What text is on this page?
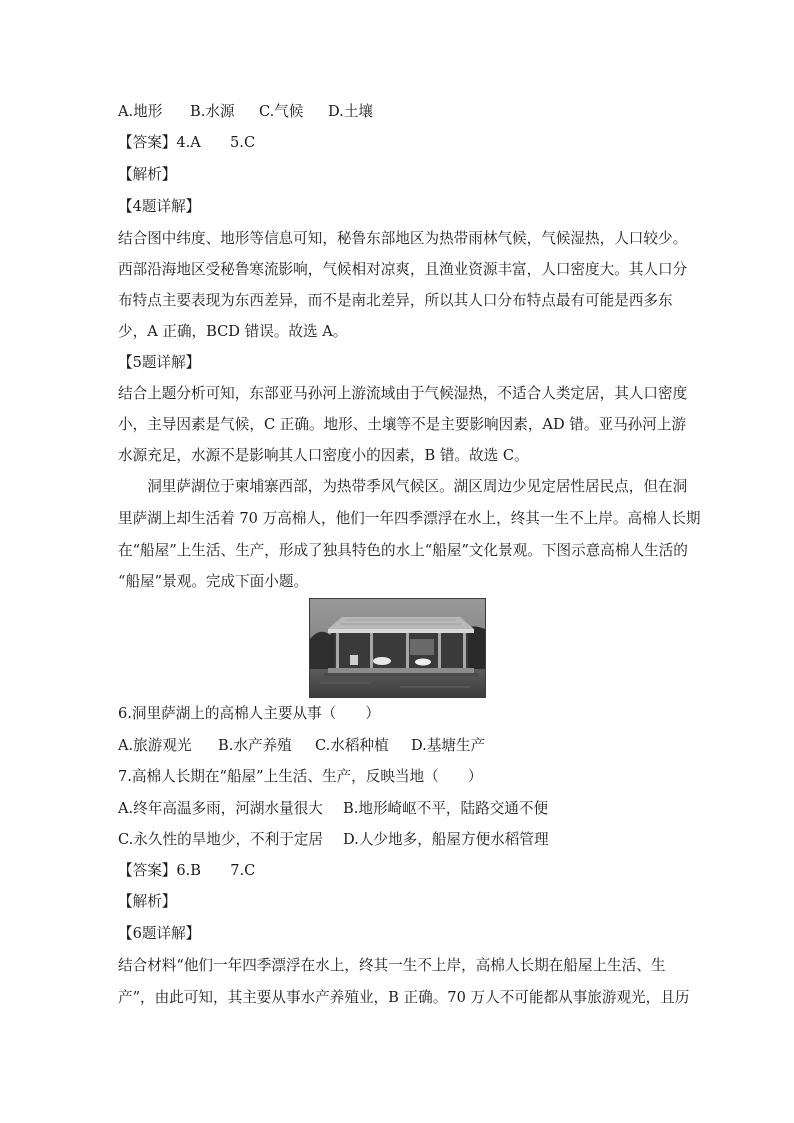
A.地形 B.水源 C.气候 D.土壤
【答案】4.A　　5.C
【解析】
【4题详解】
结合图中纬度、地形等信息可知，秘鲁东部地区为热带雨林气候，气候湿热，人口较少。
西部沿海地区受秘鲁寒流影响，气候相对凉爽，且渔业资源丰富，人口密度大。其人口分
布特点主要表现为东西差异，而不是南北差异，所以其人口分布特点最有可能是西多东
少，A 正确，BCD 错误。故选 A。
【5题详解】
结合上题分析可知，东部亚马孙河上游流域由于气候湿热，不适合人类定居，其人口密度
小，主导因素是气候，C 正确。地形、土壤等不是主要影响因素，AD 错。亚马孙河上游
水源充足，水源不是影响其人口密度小的因素，B 错。故选 C。
　　洞里萨湖位于柬埔寨西部，为热带季风气候区。湖区周边少见定居性居民点，但在洞
里萨湖上却生活着 70 万高棉人，他们一年四季漂浮在水上，终其一生不上岸。高棉人长期
在“船屋”上生活、生产，形成了独具特色的水上“船屋”文化景观。下图示意高棉人生活的
“船屋”景观。完成下面小题。
6.洞里萨湖上的高棉人主要从事（　　）
A.旅游观光 B.水产养殖 C.水稻种植 D.基塘生产
7.高棉人长期在“船屋”上生活、生产，反映当地（　　）
A.终年高温多雨，河湖水量很大 B.地形崎岖不平，陆路交通不便
C.永久性的旱地少，不利于定居 D.人少地多，船屋方便水稻管理
【答案】6.B　　7.C
【解析】
【6题详解】
结合材料“他们一年四季漂浮在水上，终其一生不上岸，高棉人长期在船屋上生活、生
产”，由此可知，其主要从事水产养殖业，B 正确。70 万人不可能都从事旅游观光，且历
